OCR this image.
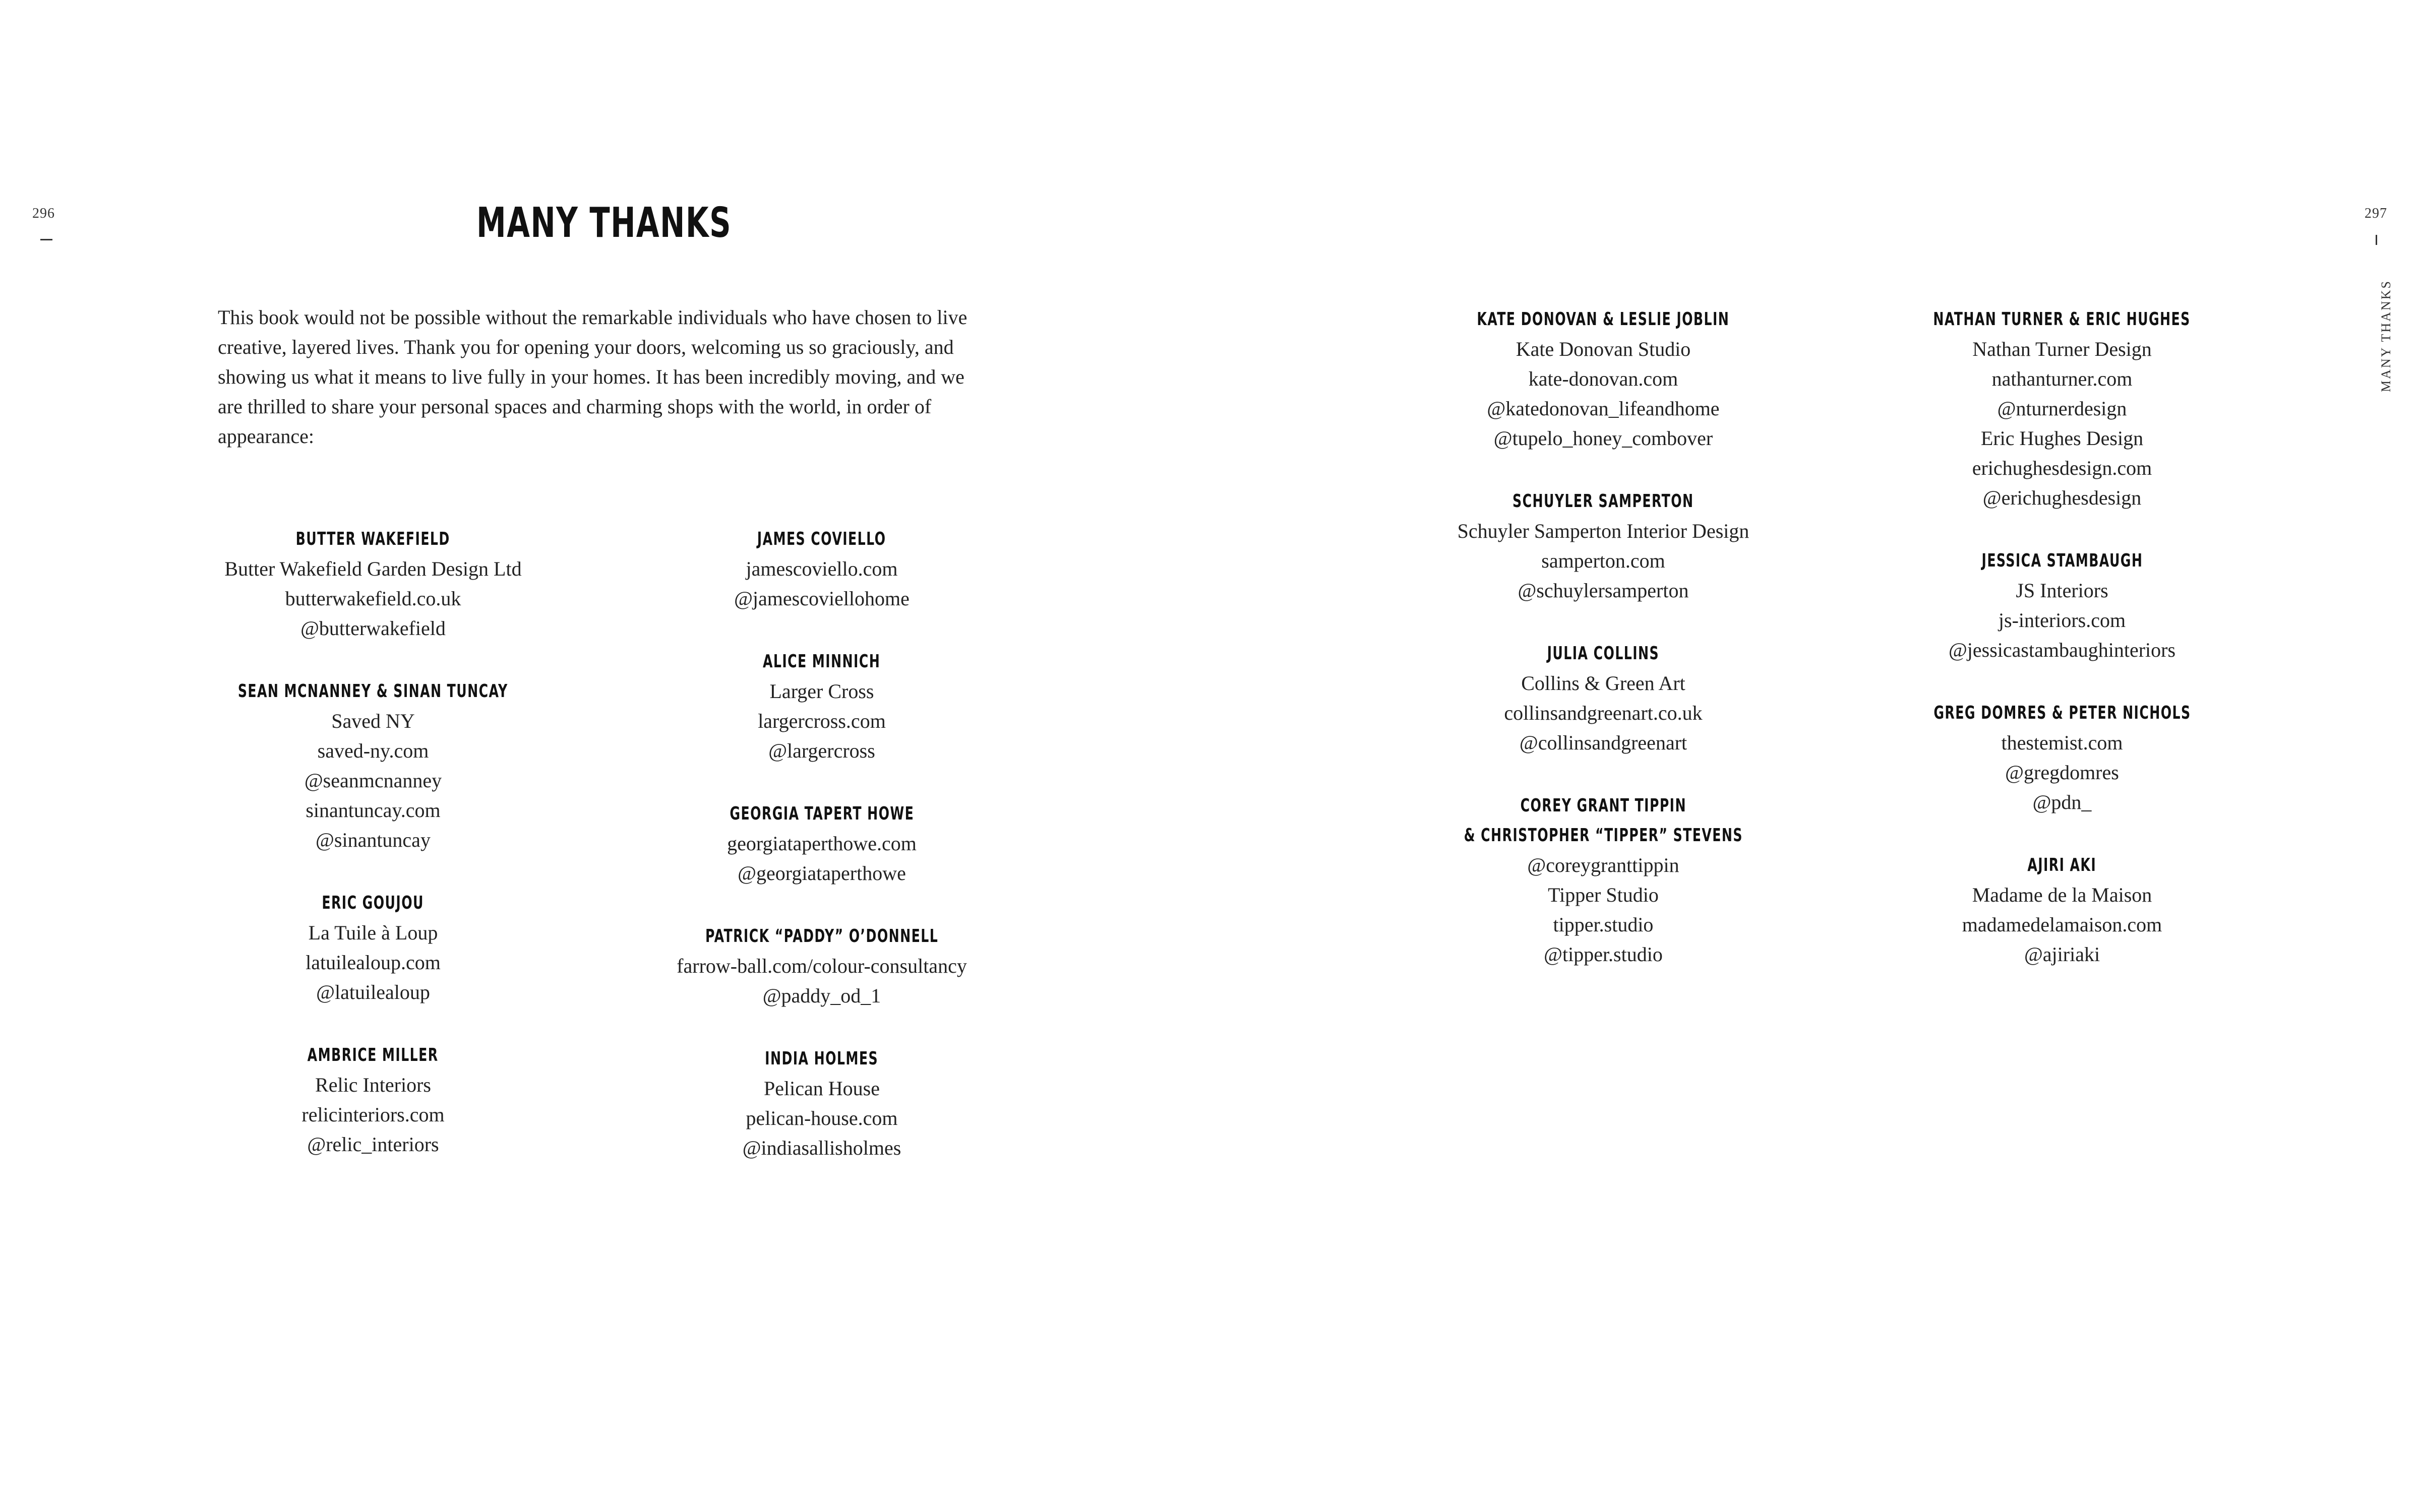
296	MANY THANKS
This book would not be possible without the remarkable individuals who have chosen to live creative, layered lives. Thank you for opening your doors, welcoming us so graciously, and showing us what it means to live fully in your homes. It has been incredibly moving, and we are thrilled to share your personal spaces and charming shops with the world, in order of appearance:
BUTTER WAKEFIELD
Butter Wakefield Garden Design Ltd
butterwakefield.co.uk
@butterwakefield
SEAN MCNANNEY & SINAN TUNCAY
Saved NY
saved-ny.com
@seanmcnanney
sinantuncay.com
@sinantuncay
ERIC GOUJOU
La Tuile à Loup
latuilealoup.com
@latuilealoup
AMBRICE MILLER
Relic Interiors
relicinteriors.com
@relic_interiors
JAMES COVIELLO
jamescoviello.com
@jamescoviellohome
ALICE MINNICH
Larger Cross
largercross.com
@largercross
GEORGIA TAPERT HOWE
georgiataperthowe.com
@georgiataperthowe
PATRICK “PADDY” O’DONNELL
farrow-ball.com/colour-consultancy
@paddy_od_1
INDIA HOLMES
Pelican House
pelican-house.com
@indiasallisholmes
297
MANY THANKS
KATE DONOVAN & LESLIE JOBLIN
Kate Donovan Studio
kate-donovan.com
@katedonovan_lifeandhome
@tupelo_honey_combover
SCHUYLER SAMPERTON
Schuyler Samperton Interior Design
samperton.com
@schuylersamperton
JULIA COLLINS
Collins & Green Art
collinsandgreenart.co.uk
@collinsandgreenart
COREY GRANT TIPPIN
& CHRISTOPHER “TIPPER” STEVENS
@coreygranttippin
Tipper Studio
tipper.studio
@tipper.studio
NATHAN TURNER & ERIC HUGHES
Nathan Turner Design
nathanturner.com
@nturnerdesign
Eric Hughes Design
erichughesdesign.com
@erichughesdesign
JESSICA STAMBAUGH
JS Interiors
js-interiors.com
@jessicastambaughinteriors
GREG DOMRES & PETER NICHOLS
thestemist.com
@gregdomres
@pdn_
AJIRI AKI
Madame de la Maison
madamedelamaison.com
@ajiriaki
